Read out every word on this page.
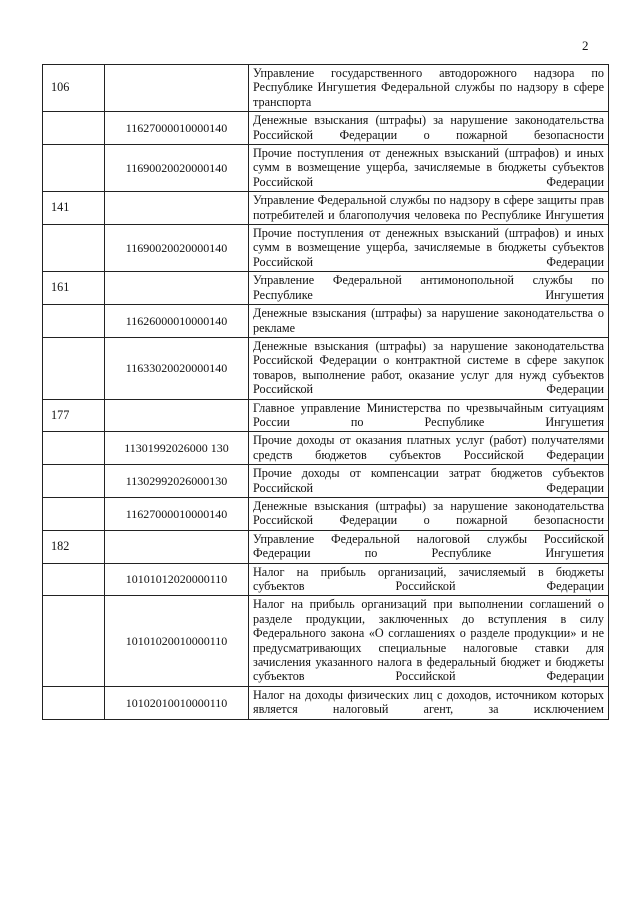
2
106		Управление государственного автодорожного надзора по Республике Ингушетия Федеральной службы по надзору в сфере транспорта
	11627000010000140	Денежные взыскания (штрафы) за нарушение законодательства Российской Федерации о пожарной безопасности
	11690020020000140	Прочие поступления от денежных взысканий (штрафов) и иных сумм в возмещение ущерба, зачисляемые в бюджеты субъектов Российской Федерации
141		Управление Федеральной службы по надзору в сфере защиты прав потребителей и благополучия человека по Республике Ингушетия
	11690020020000140	Прочие поступления от денежных взысканий (штрафов) и иных сумм в возмещение ущерба, зачисляемые в бюджеты субъектов Российской Федерации
161		Управление Федеральной антимонопольной службы по Республике Ингушетия
	11626000010000140	Денежные взыскания (штрафы) за нарушение законодательства о рекламе
	11633020020000140	Денежные взыскания (штрафы) за нарушение законодательства Российской Федерации о контрактной системе в сфере закупок товаров, выполнение работ, оказание услуг для нужд субъектов Российской Федерации
177		Главное управление Министерства по чрезвычайным ситуациям России по Республике Ингушетия
	11301992026000 130	Прочие доходы от оказания платных услуг (работ) получателями средств бюджетов субъектов Российской Федерации
	11302992026000130	Прочие доходы от компенсации затрат бюджетов субъектов Российской Федерации
	11627000010000140	Денежные взыскания (штрафы) за нарушение законодательства Российской Федерации о пожарной безопасности
182		Управление Федеральной налоговой службы Российской Федерации по Республике Ингушетия
	10101012020000110	Налог на прибыль организаций, зачисляемый в бюджеты субъектов Российской Федерации
	10101020010000110	Налог на прибыль организаций при выполнении соглашений о разделе продукции, заключенных до вступления в силу Федерального закона «О соглашениях о разделе продукции» и не предусматривающих специальные налоговые ставки для зачисления указанного налога в федеральный бюджет и бюджеты субъектов Российской Федерации
	10102010010000110	Налог на доходы физических лиц с доходов, источником которых является налоговый агент, за исключением
